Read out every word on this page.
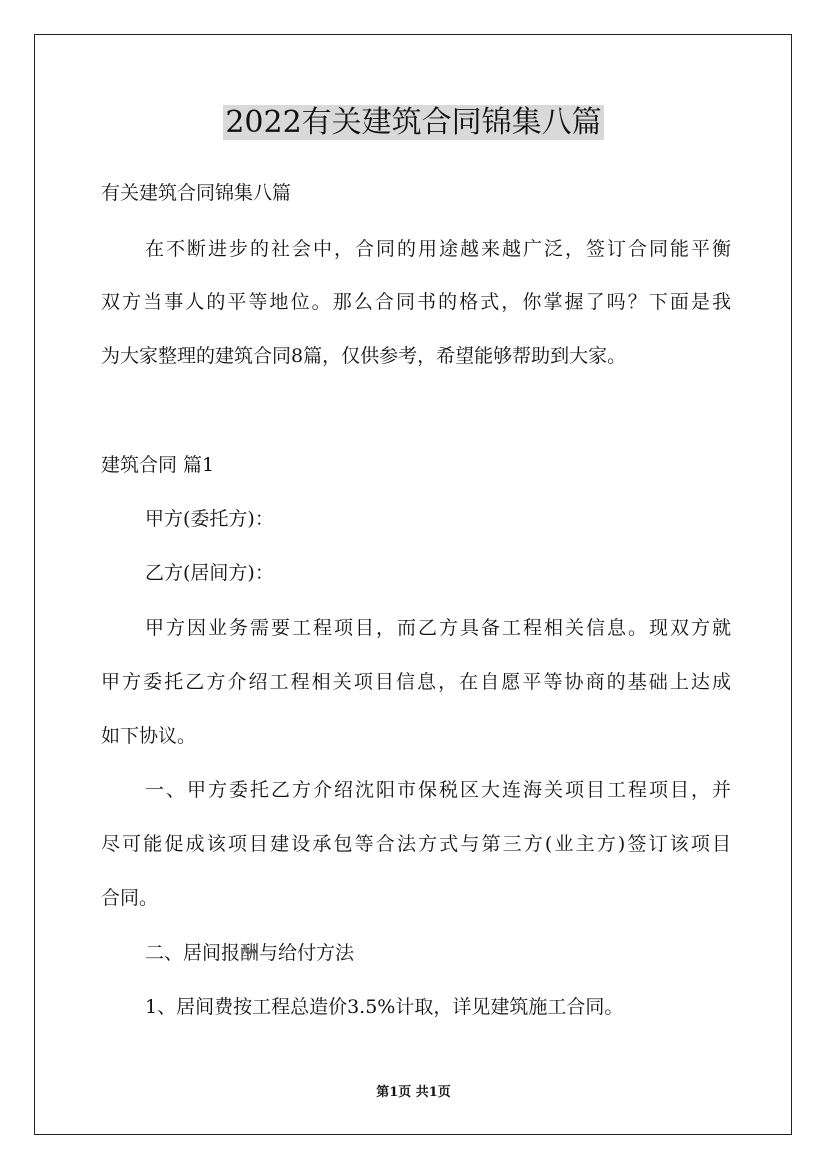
2022有关建筑合同锦集八篇
有关建筑合同锦集八篇
在不断进步的社会中，合同的用途越来越广泛，签订合同能平衡
双方当事人的平等地位。那么合同书的格式，你掌握了吗？下面是我
为大家整理的建筑合同8篇，仅供参考，希望能够帮助到大家。
建筑合同 篇1
甲方(委托方)：
乙方(居间方)：
甲方因业务需要工程项目，而乙方具备工程相关信息。现双方就
甲方委托乙方介绍工程相关项目信息，在自愿平等协商的基础上达成
如下协议。
一、甲方委托乙方介绍沈阳市保税区大连海关项目工程项目，并
尽可能促成该项目建设承包等合法方式与第三方(业主方)签订该项目
合同。
二、居间报酬与给付方法
1、居间费按工程总造价3.5%计取，详见建筑施工合同。
第1页 共1页
